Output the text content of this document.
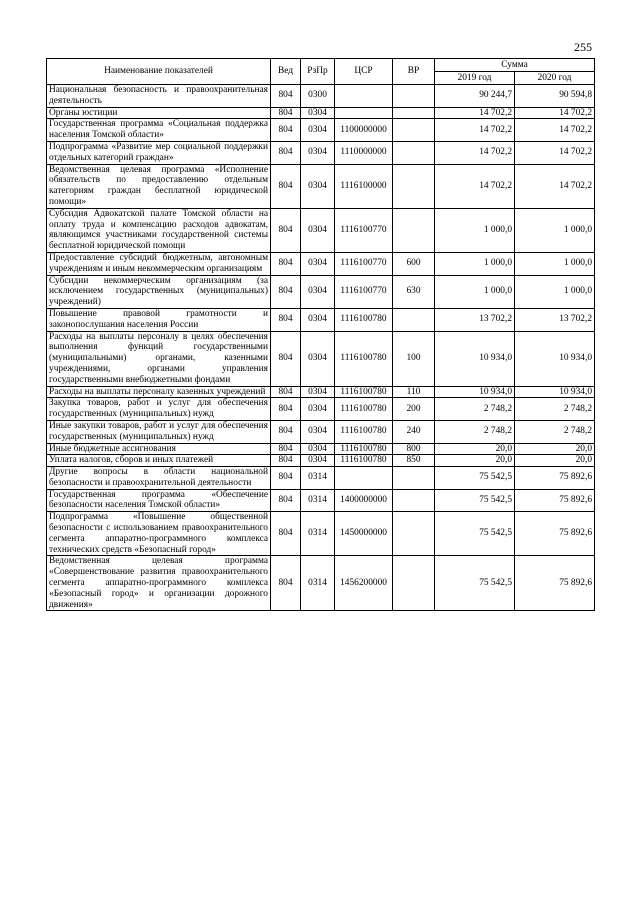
255
Наименование показателей	Вед	РзПр	ЦСР	ВР	Сумма	
					2019 год	2020 год
Национальная безопасность и правоохранительная деятельность	804	0300			90 244,7	90 594,8
Органы юстиции	804	0304			14 702,2	14 702,2
Государственная программа «Социальная поддержка населения Томской области»	804	0304	1100000000		14 702,2	14 702,2
Подпрограмма «Развитие мер социальной поддержки отдельных категорий граждан»	804	0304	1110000000		14 702,2	14 702,2
Ведомственная целевая программа «Исполнение обязательств по предоставлению отдельным категориям граждан бесплатной юридической помощи»	804	0304	1116100000		14 702,2	14 702,2
Субсидия Адвокатской палате Томской области на оплату труда и компенсацию расходов адвокатам, являющимся участниками государственной системы бесплатной юридической помощи	804	0304	1116100770		1 000,0	1 000,0
Предоставление субсидий бюджетным, автономным учреждениям и иным некоммерческим организациям	804	0304	1116100770	600	1 000,0	1 000,0
Субсидии некоммерческим организациям (за исключением государственных (муниципальных) учреждений)	804	0304	1116100770	630	1 000,0	1 000,0
Повышение правовой грамотности и законопослушания населения России	804	0304	1116100780		13 702,2	13 702,2
Расходы на выплаты персоналу в целях обеспечения выполнения функций государственными (муниципальными) органами, казенными учреждениями, органами управления государственными внебюджетными фондами	804	0304	1116100780	100	10 934,0	10 934,0
Расходы на выплаты персоналу казенных учреждений	804	0304	1116100780	110	10 934,0	10 934,0
Закупка товаров, работ и услуг для обеспечения государственных (муниципальных) нужд	804	0304	1116100780	200	2 748,2	2 748,2
Иные закупки товаров, работ и услуг для обеспечения государственных (муниципальных) нужд	804	0304	1116100780	240	2 748,2	2 748,2
Иные бюджетные ассигнования	804	0304	1116100780	800	20,0	20,0
Уплата налогов, сборов и иных платежей	804	0304	1116100780	850	20,0	20,0
Другие вопросы в области национальной безопасности и правоохранительной деятельности	804	0314			75 542,5	75 892,6
Государственная программа «Обеспечение безопасности населения Томской области»	804	0314	1400000000		75 542,5	75 892,6
Подпрограмма «Повышение общественной безопасности с использованием правоохранительного сегмента аппаратно-программного комплекса технических средств «Безопасный город»	804	0314	1450000000		75 542,5	75 892,6
Ведомственная целевая программа «Совершенствование развития правоохранительного сегмента аппаратно-программного комплекса «Безопасный город» и организации дорожного движения»	804	0314	1456200000		75 542,5	75 892,6
